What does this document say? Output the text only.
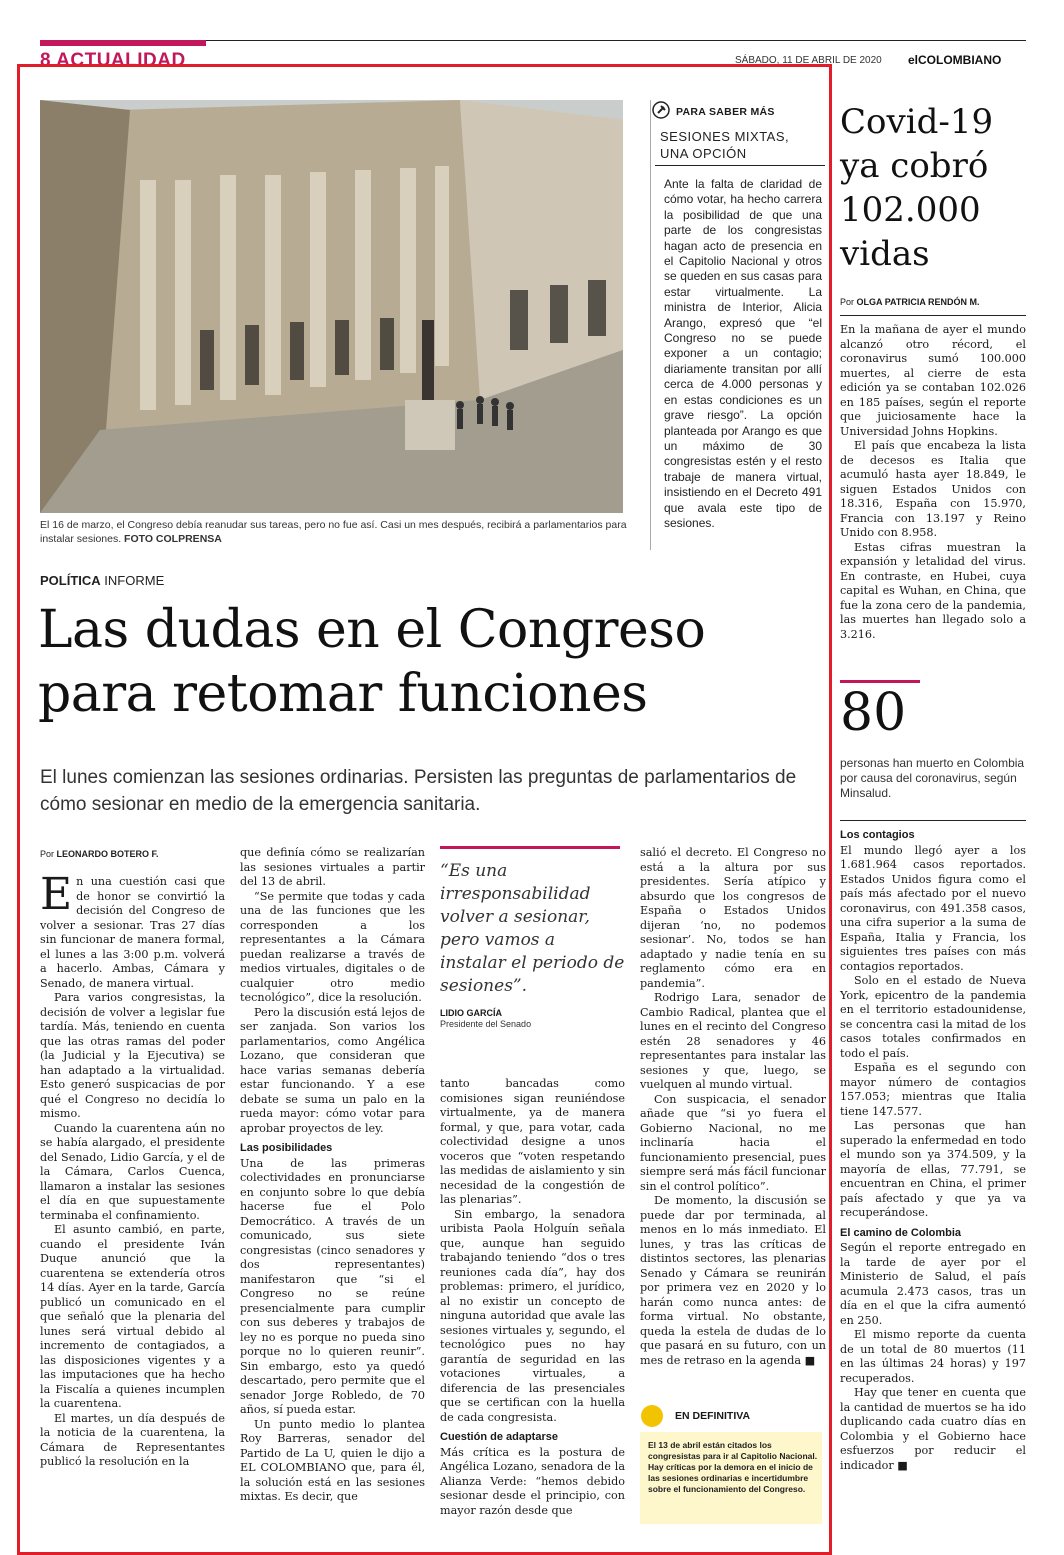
8 ACTUALIDAD	SÁBADO, 11 DE ABRIL DE 2020 elCOLOMBIANO
El 16 de marzo, el Congreso debía reanudar sus tareas, pero no fue así. Casi un mes después, recibirá a parlamentarios para instalar sesiones. FOTO COLPRENSA
PARA SABER MÁS
SESIONES MIXTAS, UNA OPCIÓN
Ante la falta de claridad de cómo votar, ha hecho carrera la posibilidad de que una parte de los congresistas hagan acto de presencia en el Capitolio Nacional y otros se queden en sus casas para estar virtualmente. La ministra de Interior, Alicia Arango, expresó que “el Congreso no se puede exponer a un contagio; diariamente transitan por allí cerca de 4.000 personas y en estas condiciones es un grave riesgo”. La opción planteada por Arango es que un máximo de 30 congresistas estén y el resto trabaje de manera virtual, insistiendo en el Decreto 491 que avala este tipo de sesiones.
POLÍTICA INFORME
Las dudas en el Congreso para retomar funciones
El lunes comienzan las sesiones ordinarias. Persisten las preguntas de parlamentarios de cómo sesionar en medio de la emergencia sanitaria.
Por LEONARDO BOTERO F.

En una cuestión casi que de honor se convirtió la decisión del Congreso de volver a sesionar. Tras 27 días sin funcionar de manera formal, el lunes a las 3:00 p.m. volverá a hacerlo. Ambas, Cámara y Senado, de manera virtual.

Para varios congresistas, la decisión de volver a legislar fue tardía. Más, teniendo en cuenta que las otras ramas del poder (la Judicial y la Ejecutiva) se han adaptado a la virtualidad. Esto generó suspicacias de por qué el Congreso no decidía lo mismo.

Cuando la cuarentena aún no se había alargado, el presidente del Senado, Lidio García, y el de la Cámara, Carlos Cuenca, llamaron a instalar las sesiones el día en que supuestamente terminaba el confinamiento.

El asunto cambió, en parte, cuando el presidente Iván Duque anunció que la cuarentena se extendería otros 14 días. Ayer en la tarde, García publicó un comunicado en el que señaló que la plenaria del lunes será virtual debido al incremento de contagiados, a las disposiciones vigentes y a las imputaciones que ha hecho la Fiscalía a quienes incumplen la cuarentena.

El martes, un día después de la noticia de la cuarentena, la Cámara de Representantes publicó la resolución en la

que definía cómo se realizarían las sesiones virtuales a partir del 13 de abril.

“Se permite que todas y cada una de las funciones que les corresponden a los representantes a la Cámara puedan realizarse a través de medios virtuales, digitales o de cualquier otro medio tecnológico”, dice la resolución.

Pero la discusión está lejos de ser zanjada. Son varios los parlamentarios, como Angélica Lozano, que consideran que hace varias semanas debería estar funcionando. Y a ese debate se suma un palo en la rueda mayor: cómo votar para aprobar proyectos de ley.

Las posibilidades

Una de las primeras colectividades en pronunciarse en conjunto sobre lo que debía hacerse fue el Polo Democrático. A través de un comunicado, sus siete congresistas (cinco senadores y dos representantes) manifestaron que “si el Congreso no se reúne presencialmente para cumplir con sus deberes y trabajos de ley no es porque no pueda sino porque no lo quieren reunir”. Sin embargo, esto ya quedó descartado, pero permite que el senador Jorge Robledo, de 70 años, sí pueda estar.

Un punto medio lo plantea Roy Barreras, senador del Partido de La U, quien le dijo a EL COLOMBIANO que, para él, la solución está en las sesiones mixtas. Es decir, que

“Es una irresponsabilidad volver a sesionar, pero vamos a instalar el periodo de sesiones”.
LIDIO GARCÍA
Presidente del Senado

tanto bancadas como comisiones sigan reuniéndose virtualmente, ya de manera formal, y que, para votar, cada colectividad designe a unos voceros que “voten respetando las medidas de aislamiento y sin necesidad de la congestión de las plenarias”.

Sin embargo, la senadora uribista Paola Holguín señala que, aunque han seguido trabajando teniendo “dos o tres reuniones cada día”, hay dos problemas: primero, el jurídico, al no existir un concepto de ninguna autoridad que avale las sesiones virtuales y, segundo, el tecnológico pues no hay garantía de seguridad en las votaciones virtuales, a diferencia de las presenciales que se certifican con la huella de cada congresista.

Cuestión de adaptarse

Más crítica es la postura de Angélica Lozano, senadora de la Alianza Verde: “hemos debido sesionar desde el principio, con mayor razón desde que

salió el decreto. El Congreso no está a la altura por sus presidentes. Sería atípico y absurdo que los congresos de España o Estados Unidos dijeran ‘no, no podemos sesionar’. No, todos se han adaptado y nadie tenía en su reglamento cómo era en pandemia”.

Rodrigo Lara, senador de Cambio Radical, plantea que el lunes en el recinto del Congreso estén 28 senadores y 46 representantes para instalar las sesiones y que, luego, se vuelquen al mundo virtual.

Con suspicacia, el senador añade que “si yo fuera el Gobierno Nacional, no me inclinaría hacia el funcionamiento presencial, pues siempre será más fácil funcionar sin el control político”.

De momento, la discusión se puede dar por terminada, al menos en lo más inmediato. El lunes, y tras las críticas de distintos sectores, las plenarias Senado y Cámara se reunirán por primera vez en 2020 y lo harán como nunca antes: de forma virtual. No obstante, queda la estela de dudas de lo que pasará en su futuro, con un mes de retraso en la agenda ■

EN DEFINITIVA
El 13 de abril están citados los congresistas para ir al Capitolio Nacional. Hay críticas por la demora en el inicio de las sesiones ordinarias e incertidumbre sobre el funcionamiento del Congreso.
Covid-19 ya cobró 102.000 vidas
Por OLGA PATRICIA RENDÓN M.

En la mañana de ayer el mundo alcanzó otro récord, el coronavirus sumó 100.000 muertes, al cierre de esta edición ya se contaban 102.026 en 185 países, según el reporte que juiciosamente hace la Universidad Johns Hopkins.

El país que encabeza la lista de decesos es Italia que acumuló hasta ayer 18.849, le siguen Estados Unidos con 18.316, España con 15.970, Francia con 13.197 y Reino Unido con 8.958.

Estas cifras muestran la expansión y letalidad del virus. En contraste, en Hubei, cuya capital es Wuhan, en China, que fue la zona cero de la pandemia, las muertes han llegado solo a 3.216.

80
personas han muerto en Colombia por causa del coronavirus, según Minsalud.
Los contagios

El mundo llegó ayer a los 1.681.964 casos reportados. Estados Unidos figura como el país más afectado por el nuevo coronavirus, con 491.358 casos, una cifra superior a la suma de España, Italia y Francia, los siguientes tres países con más contagios reportados.

Solo en el estado de Nueva York, epicentro de la pandemia en el territorio estadounidense, se concentra casi la mitad de los casos totales confirmados en todo el país.

España es el segundo con mayor número de contagios 157.053; mientras que Italia tiene 147.577.

Las personas que han superado la enfermedad en todo el mundo son ya 374.509, y la mayoría de ellas, 77.791, se encuentran en China, el primer país afectado y que ya va recuperándose.

El camino de Colombia

Según el reporte entregado en la tarde de ayer por el Ministerio de Salud, el país acumula 2.473 casos, tras un día en el que la cifra aumentó en 250.

El mismo reporte da cuenta de un total de 80 muertos (11 en las últimas 24 horas) y 197 recuperados.

Hay que tener en cuenta que la cantidad de muertos se ha ido duplicando cada cuatro días en Colombia y el Gobierno hace esfuerzos por reducir el indicador ■
